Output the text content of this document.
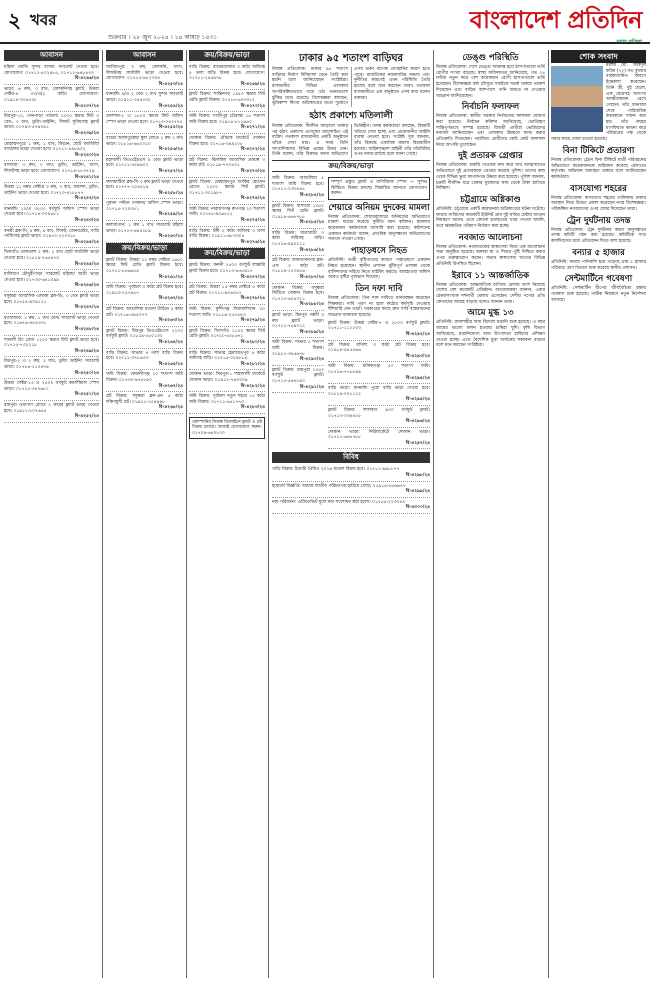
২ খবর
শুক্রবার । ২৮ জুন ২০২৪ । ১৪ আষাঢ় ১৪৩১
বাংলাদেশ প্রতিদিন
সবার পত্রিকা
আবাসন
মহিলা ম্যান্ডি সুন্দর বাসায় সাবলেট দেওয়া হবে। যোগাযোগ: ০১৭১১-৫০২৪৮৫, ০১৭১২-৬৪৮৪৩৩
বি-৪২৬৬/২৪
ভাড়া: ৬ রুম, ৩ বাথ, বেলকনিসহ ফ্ল্যাট, উত্তরা সেক্টর-৪ ৩০/এ/২ বাড়ি। যোগাযোগ: ০১৯১৪-৩০৪৫২৮
বি-৪২৩৭/২৪
মিরপুর-১০, সেনপাড়া পর্বতায় ১৩০০ স্কয়ার ফিট ৩ বেড, ৩ বাথ, ড্রয়িং-ডাইনিং, লিফট সুবিধাসহ ফ্ল্যাট ভাড়া। ০১৭৯৩-৫৭৯৩৪১
বি-৪২৩৯/২৪
মোহাম্মদপুরে ১ রুম, ১ বাথ, কিচেন, ছোট ফ্যামিলি/ ব্যাচেলর ভাড়া দেওয়া হবে। ০১৭১১-৪৪৮৯০২
বি-৪২৪০/২৪
বাসাবো: ৩ রুম, ২ বাথ, ড্রয়িং, ডাইনিং, গ্যাস, লিফটসহ ভাড়া হবে। যোগাযোগ: ০১৭১৬-১৮৩৭২৯
বি-৪২৪১/২৪
উত্তরা ১১ নম্বর সেক্টরে ৩ রুম, ৩ বাথ, বারান্দা, ড্রয়িং, ডাইনিং ভাড়া দেওয়া হবে। ০১৭২৩-৪২৮৮৭৭
বি-৪২৪২/২৪
ধানমন্ডি ১০/এ ৩৫০০ বর্গফুট অফিস স্পেস ভাড়া দেওয়া হবে। ০১৭১৪-০০৯৮৮১
বি-৪২৪৩/২৪
বনশ্রী ব্লক-সি, ৪ রুম, ৪ বাথ, লিফট, জেনারেটর, গাড়ি পার্কিংসহ ফ্ল্যাট ভাড়া। ০১৯৭২-২২৩৩১৮
বি-৪২৪৪/২৪
খিলগাঁও তালতলা ২ রুম, ২ বাথ ছোট ফ্যামিলি ভাড়া দেওয়া হবে। ০১৮১৯-২৬৫৪৭০
বি-৪২৪৫/২৪
মালিবাগ চৌধুরীপাড়া সাবলেট মহিলা/ ছাত্রী ভাড়া দেওয়া হবে। ০১৭৩৩-৬৪১০৯৯
বি-৪২৪৬/২৪
বসুন্ধরা আবাসিক এলাকা ব্লক-ডি, ৩ বেড ফ্ল্যাট ভাড়া হবে। ০১৭৫৫-৯০৯১২১
বি-৪২৪৭/২৪
মগবাজার: ১ রুম, ১ বাথ মেস/ সাবলেট ভাড়া দেওয়া হবে। ০১৬৭৬-৪৫৪৩৩১
বি-৪২৪৮/২৪
শ্যামলী রিং রোড ১২০০ স্কয়ার ফিট ফ্ল্যাট ভাড়া হবে। ০১৭১৫-৭৩২২১৮
বি-৪২৪৯/২৪
মিরপুর-২ এ ২ রুম, ২ বাথ, ড্রয়িং ডাইনিং সাবলেট ভাড়া। ০১৭৮৬-১১০৪৭৯
বি-৪২৫০/২৪
উত্তরা সেক্টর-১৩ এ ২৫০০ বর্গফুট কমার্শিয়াল স্পেস ভাড়া। ০১৭১১-৩৪৭৬৮১
বি-৪২৫১/২৪
রামপুরা ওয়াপদা রোডে ২ রুমের ফ্ল্যাট ভাড়া দেওয়া হবে। ০১৯১১-৮০৭৬৫৪
বি-৪২৫২/২৪
আবাসন
আজিমপুর: ৩ রুম, বেলকনি, গ্যাস, লিফটসহ ফ্যামিলি ভাড়া দেওয়া হবে। যোগাযোগ: ০১৭১৫-৯৮২৩৩৪
বি-৪২৫৩/২৪
ধানমন্ডি ৯/এ ২ বেড ২ বাথ সুন্দর সাবলেট ভাড়া। ০১৯১১-৩৫৪০৩২
বি-৪২৫৪/২৪
গুলশান-২ এ ১৮০০ স্কয়ার ফিট অফিস স্পেস ভাড়া দেওয়া হবে। ০১৭১৩-০৪২৭৭৫
বি-৪২৫৫/২৪
বাড্ডা আলাতুন্নেছা স্কুল রোডে ২ রুম ২ বাথ ভাড়া। ০১৮১৬-৬৬২০১০
বি-৪২৫৬/২৪
মহাখালী ডিওএইচএস ৪ বেড ফ্ল্যাট ভাড়া হবে। ০১৭১১-৫৫৯৯০২
বি-৪২৫৭/২৪
লালমাটিয়া ব্লক-সি ৩ রুম ফ্ল্যাট ভাড়া দেওয়া হবে। ০১৭৭৭-১০৪৪১৯
বি-৪২৫৮/২৪
পুরানা পল্টনে দোকান/ অফিস স্পেস ভাড়া। ০১৭১৫-২২০৩৫১
বি-৪২৫৯/২৪
কলাবাগান: ১ রুম ১ বাথ সাবলেট মহিলা ভাড়া। ০১৭২৭-৬৪৪১৮৯
বি-৪২৬০/২৪
ক্রয়/বিক্রয়/ভাড়া
ফ্ল্যাট বিক্রয়: উত্তরা ১২ নম্বর সেক্টরে ১৬৫০ স্কয়ার ফিট রেডি ফ্ল্যাট বিক্রয় হবে। ০১৭১১-৮৮৬৬৫৪
বি-৪২৬১/২৪
জমি বিক্রয়: পূর্বাচল ৩ কাঠা প্লট বিক্রয় হবে। ০১৯১৩-২২৩৪৫৭
বি-৪২৬২/২৪
প্লট বিক্রয়: আশুলিয়া মডেল টাউনে ৫ কাঠা প্লট। ০১৭১৬-৪৯৫০৭৩
বি-৪২৬৩/২৪
ফ্ল্যাট বিক্রয়: মিরপুর ডিওএইচএস ২২০০ বর্গফুট ফ্ল্যাট। ০১৮১৯-৫৫০১৩২
বি-৪২৬৪/২৪
বাড়ি বিক্রয়: সাভার ৪ তলা বাড়ি বিক্রয় হবে। ০১৭১১-০৭৮৬৩৩
বি-৪২৬৫/২৪
জমি বিক্রয়: কেরানীগঞ্জ ১০ শতাংশ জমি বিক্রয়। ০১৭৩০-৬৭৮৮৯০
বি-৪২৬৭/২৪
প্লট বিক্রয়: বসুন্ধরা ব্লক-এন ৫ কাঠা দক্ষিণমুখী প্লট। ০১৯১১-২০৪৯৪৮
বি-৪২৬৮/২৪
ক্রয়/বিক্রয়/ভাড়া
বাড়ি বিক্রয়: রায়েরবাজার ৩ কাঠা জমিসহ ৫ তলা বাড়ি বিক্রয় হবে। যোগাযোগ: ০১৭১১-২৪৫৬৭৮
বি-৪২৬৯/২৪
ফ্ল্যাট বিক্রয়: শান্তিনগর ১৪৫০ স্কয়ার ফিট রেডি ফ্ল্যাট বিক্রয়। ০১৭১৫-৬০৩৩১২
বি-৪২৭০/২৪
জমি বিক্রয়: গাজীপুর চৌরাস্তা ১৫ শতাংশ জমি বিক্রয় হবে। ০১৯১৪-৮১২৬৬০
বি-৪২৭১/২৪
দোকান বিক্রয়: মৌচাক মার্কেটে দোকান বিক্রয় হবে। ০১৭১৬-৩৪৯২০৮
বি-৪২৭২/২৪
প্লট বিক্রয়: ঝিলমিল আবাসিক প্রকল্পে ৩ কাঠা প্লট। ০১৮১৯-৭৭০৪৩১
বি-৪২৭৩/২৪
ফ্ল্যাট বিক্রয়: মোহাম্মদপুর জাকির হোসেন রোডে ১২০০ স্কয়ার ফিট ফ্ল্যাট। ০১৭১১-৩০১৯৮৭
বি-৪২৭৪/২৪
জমি বিক্রয়: নারায়ণগঞ্জ রূপগঞ্জ ২০ শতাংশ জমি। ০১৭৪৫-৯০৬৫১২
বি-৪২৭৫/২৪
বাড়ি বিক্রয়: টঙ্গী ২ কাঠা জমিসহ ৩ তলা বাড়ি বিক্রয়। ০১৯১১-৬৮৩৩০৪
বি-৪২৭৬/২৪
ক্রয়/বিক্রয়/ভাড়া
ফ্ল্যাট বিক্রয়: বনানী ২৫০০ বর্গফুট লাক্সারি ফ্ল্যাট বিক্রয় হবে। ০১৭১৩-৪৫৫৬১৭
বি-৪২৭৭/২৪
প্লট বিক্রয়: উত্তরা ১৫ নম্বর সেক্টরে ৫ কাঠা প্লট বিক্রয়। ০১৭১১-৯৩৪৫৮২
বি-৪২৭৮/২৪
জমি বিক্রয়: মুন্সীগঞ্জ সিরাজদিখান ৩০ শতাংশ জমি। ০১৮১৬-২৫৭৪৪৩
বি-৪২৭৯/২৪
ফ্ল্যাট বিক্রয়: খিলগাঁও ১১০০ স্কয়ার ফিট রেডি ফ্ল্যাট। ০১৭২০-৫৫৮৬৭১
বি-৪২৮০/২৪
বাড়ি বিক্রয়: সাভার হেমায়েতপুর ৪ কাঠা জমিসহ বাড়ি। ০১৭১৫-০২৯৮৮৪
বি-৪২৮১/২৪
দোকান ভাড়া: মিরপুর-১ শাহআলী মার্কেটে দোকান ভাড়া। ০১৯১২-৭৪৩৩০৯
বি-৪২৮২/২৪
জমি বিক্রয়: পূর্বাচল নতুন শহরে ১০ কাঠা জমি বিক্রয়। ০১৭১১-৬৫১৭৭৩
বি-৪২৮৩/২৪
কোম্পানির নিজস্ব ডিজাইনে ফ্ল্যাট ও প্লট বিক্রয় চলছে। আজই যোগাযোগ করুন: ০১৭০৯-৬৪০৮০০
ঢাকার ৯৫ শতাংশ বাড়িঘর
নিজস্ব প্রতিবেদক: ঢাকার ৯৫ শতাংশ বাড়িঘর নির্মাণ বিধিমালা মেনে তৈরি করা হয়নি বলে জানিয়েছেন সংশ্লিষ্টরা। রাজধানীর বিভিন্ন এলাকায় অপরিকল্পিতভাবে গড়ে ওঠা ভবনগুলো ঝুঁকির মধ্যে রয়েছে। বিশেষজ্ঞরা বলছেন, ভূমিকম্প কিংবা অগ্নিকাণ্ডের মতো দুর্যোগে এসব ভবন ব্যাপক প্রাণহানির কারণ হতে পারে। রাজউকের নজরদারির অভাব এবং দুর্নীতির কারণেই এমন পরিস্থিতি তৈরি হয়েছে বলে মনে করছেন তারা। গতকাল রাজধানীতে এক অনুষ্ঠানে এসব কথা বলেন বক্তারা।
হঠাৎ প্রকাশ্যে মতিলালী
নিজস্ব প্রতিবেদক: দীর্ঘদিন আড়ালে থাকার পর হঠাৎ প্রকাশ্যে এসেছেন আলোচিত এই ব্যক্তি। গতকাল রাজধানীর একটি অনুষ্ঠানে তাঁকে দেখা যায়। এ সময় তিনি সাংবাদিকদের বিভিন্ন প্রশ্নের উত্তর দেন। তিনি বলেন, তাঁর বিরুদ্ধে আনা অভিযোগ ভিত্তিহীন। তদন্ত কর্মকর্তারা বলছেন, বিষয়টি খতিয়ে দেখা হচ্ছে এবং প্রয়োজনীয় আইনি ব্যবস্থা নেওয়া হবে। সংশ্লিষ্ট সূত্র জানায়, তাঁর বিরুদ্ধে একাধিক মামলা বিচারাধীন রয়েছে। আইনশৃঙ্খলা বাহিনী তাঁর গতিবিধির ওপর নজর রাখছে বলে জানা গেছে।
ক্রয়/বিক্রয়/ভাড়া
জমি বিক্রয়: আশুলিয়া ৫ শতাংশ জমি বিক্রয় হবে। ০১৭১১-২৩৩৪৪৫
বি-৪২৮৪/২৪
ফ্ল্যাট বিক্রয়: বাসাবো ১০৫০ স্কয়ার ফিট রেডি ফ্ল্যাট। ০১৯১৪-৬৬৭৭৮৮
বি-৪২৮৫/২৪
বাড়ি বিক্রয়: যাত্রাবাড়ী ৩ কাঠা জমিসহ বাড়ি। ০১৭১৬-৯৯০০১১
বি-৪২৮৬/২৪
প্লট বিক্রয়: আফতাবনগর ব্লক-এফ ৩ কাঠা প্লট। ০১৮১৯-১২৩৪৫৬
বি-৪২৮৭/২৪
দোকান বিক্রয়: বসুন্ধরা সিটিতে দোকান বিক্রয় হবে। ০১৭১৩-৬৫৪৩২১
বি-৪২৮৮/২৪
ফ্ল্যাট ভাড়া: মিরপুর পল্লবী ৩ রুম ফ্ল্যাট ভাড়া। ০১৭১১-৭৮৯০১২
বি-৪২৮৯/২৪
জমি বিক্রয়: সাভার ৮ শতাংশ জমি বিক্রয়। ০১৯১১-৩৪৫৬৭৮
বি-৪২৯০/২৪
ফ্ল্যাট বিক্রয়: রামপুরা ১২৫০ বর্গফুট ফ্ল্যাট। ০১৭১৫-৫৬৭৮৯০
বি-৪২৯১/২৪
সম্পূর্ণ প্রস্তুত ফ্ল্যাট ও বাণিজ্যিক স্পেস — সুলভ কিস্তিতে বিক্রয় চলছে। বিস্তারিত জানতে যোগাযোগ করুন।
শেয়ারে অনিয়ম দুদকের মামলা
নিজস্ব প্রতিবেদক: শেয়ারবাজারে অনিয়মের অভিযোগে মামলা দায়ের করেছে দুর্নীতি দমন কমিশন। মামলায় কয়েকজন কর্মকর্তাকে আসামি করা হয়েছে। কমিশনের একজন কর্মকর্তা বলেন, প্রাথমিক অনুসন্ধানে অভিযোগের সত্যতা পাওয়া গেছে।
পাহাড়ধসে নিহত
প্রতিনিধি: ভারী বৃষ্টিপাতের কারণে পাহাড়ধসে একজন নিহত হয়েছেন। স্থানীয় প্রশাসন ঝুঁকিপূর্ণ এলাকা থেকে বাসিন্দাদের সরিয়ে নিতে মাইকিং করছে। আবহাওয়া অফিস আরও বৃষ্টির পূর্বাভাস দিয়েছে।
তিন দফা দাবি
নিজস্ব প্রতিবেদক: তিন দফা দাবিতে মানববন্ধন করেছেন শিক্ষকরা। দাবি পূরণ না হলে কঠোর কর্মসূচি দেওয়ার হুঁশিয়ারি দেন তারা। সরকারের কাছে দ্রুত দাবি বাস্তবায়নের আহ্বান জানানো হয়েছে।
ফ্ল্যাট বিক্রয়: উত্তরা সেক্টর-৭ এ ১৮০০ বর্গফুট ফ্ল্যাট। ০১৭১১-১১২২৩৩
বি-৪২৯২/২৪
প্লট বিক্রয়: বসিলা ৩ কাঠা প্লট বিক্রয় হবে। ০১৯১৪-৪৪৫৫৬৬
বি-৪২৯৩/২৪
জমি বিক্রয়: মানিকগঞ্জ ৫০ শতাংশ জমি। ০১৭১৬-৭৭৮৮৯৯
বি-৪২৯৪/২৪
বাড়ি ভাড়া: ধানমন্ডি পুরো বাড়ি ভাড়া দেওয়া হবে। ০১৮১৯-০০১১২২
বি-৪২৯৫/২৪
ফ্ল্যাট বিক্রয়: লালবাগ ৯০০ বর্গফুট ফ্ল্যাট। ০১৭১৩-৩৩৪৪৫৫
বি-৪২৯৬/২৪
দোকান ভাড়া: নিউমার্কেটে দোকান ভাড়া। ০১৭১১-৬৬৭৭৮৮
বি-৪২৯৭/২৪
বিবিধ
গাড়ি বিক্রয়: টয়োটা প্রিমিও ২০১৬ মডেল বিক্রয় হবে। ০১৭১১-৯৯৮৮৭৭
বি-৪২৯৮/২৪
হারানো বিজ্ঞপ্তি: আমার জাতীয় পরিচয়পত্র হারিয়ে গেছে। ০১৯১৪-৫৫৬৬৭৭
বি-৪২৯৯/২৪
নাম পরিবর্তন: এফিডেভিট মূলে নাম সংশোধন করা হলো। ০১৭১৬-২২৩৩৪৪
বি-৪৩০০/২৪
ডেঙ্গু পরিস্থিতি
নিজস্ব প্রতিবেদক: দেশে ডেঙ্গু আক্রান্ত হয়ে হাসপাতালে ভর্তি রোগীর সংখ্যা বাড়ছে। স্বাস্থ্য অধিদফতর জানিয়েছে, গত ২৪ ঘণ্টায় নতুন করে বেশ কয়েকজন রোগী হাসপাতালে ভর্তি হয়েছেন। বিশেষজ্ঞরা বর্ষা মৌসুমে সবাইকে সতর্ক থাকার পরামর্শ দিয়েছেন এবং বাড়ির আশপাশে পানি জমতে না দেওয়ার আহ্বান জানিয়েছেন।
নির্বাচনি ফলাফল
নিজস্ব প্রতিবেদক: স্থানীয় সরকার নির্বাচনের ফলাফল ঘোষণা করা হয়েছে। নির্বাচন কমিশন জানিয়েছে, ভোটগ্রহণ শান্তিপূর্ণভাবে সম্পন্ন হয়েছে। বিজয়ী প্রার্থীরা ভোটারদের ধন্যবাদ জানিয়েছেন এবং এলাকার উন্নয়নে কাজ করার প্রতিশ্রুতি দিয়েছেন। পরাজিত প্রার্থীদের কেউ কেউ ফলাফল নিয়ে আপত্তি তুলেছেন।
দুই প্রতারক গ্রেপ্তার
নিজস্ব প্রতিবেদক: চাকরি দেওয়ার নাম করে অর্থ আত্মসাতের অভিযোগে দুই প্রতারককে গ্রেপ্তার করেছে পুলিশ। তাদের কাছ থেকে বিভিন্ন ভুয়া কাগজপত্র উদ্ধার করা হয়েছে। পুলিশ জানায়, চক্রটি দীর্ঘদিন ধরে বেকার যুবকদের কাছ থেকে টাকা হাতিয়ে নিচ্ছিল।
চট্টগ্রামে অগ্নিকাণ্ড
প্রতিনিধি: চট্টগ্রামে একটি কারখানায় অগ্নিকাণ্ডের ঘটনা ঘটেছে। ফায়ার সার্ভিসের কয়েকটি ইউনিট প্রায় দুই ঘণ্টার চেষ্টায় আগুন নিয়ন্ত্রণে আনে। এতে কোনো হতাহতের খবর পাওয়া যায়নি, তবে ক্ষয়ক্ষতির পরিমাণ নির্ধারণ করা হচ্ছে।
নবজাত আলোচনা
নিজস্ব প্রতিবেদক: নবজাতকের স্বাস্থ্যসেবা নিয়ে এক আলোচনা সভা অনুষ্ঠিত হয়েছে। বক্তারা মা ও শিশুর পুষ্টি নিশ্চিত করার ওপর গুরুত্বারোপ করেন। সভায় স্বাস্থ্যসেবা খাতের বিভিন্ন প্রতিনিধি উপস্থিত ছিলেন।
ইরাবে ১১ আন্তর্জাতিক
নিজস্ব প্রতিবেদক: আন্তর্জাতিক বাণিজ্য মেলায় অংশ নিয়েছে দেশের বেশ কয়েকটি প্রতিষ্ঠান। আয়োজকরা জানান, এবার রেকর্ডসংখ্যক দর্শনার্থী মেলায় এসেছেন। দেশীয় পণ্যের প্রতি ক্রেতাদের আগ্রহ বাড়ছে বলেও জানান তারা।
আমে মুগ্ধ ১৩
প্রতিনিধি: রাজশাহীর আম বিদেশে রপ্তানি শুরু হয়েছে। এ বছর আমের ভালো ফলন হওয়ায় চাষিরা খুশি। কৃষি বিভাগ জানিয়েছে, রপ্তানিযোগ্য আম উৎপাদনে চাষিদের প্রশিক্ষণ দেওয়া হচ্ছে। এতে বৈদেশিক মুদ্রা অর্জনের সম্ভাবনা বাড়বে বলে মনে করছেন সংশ্লিষ্টরা।
শোক সংবাদ
মরহুম মো. আবদুল করিম (৭২) গত বুধবার বার্ধক্যজনিত কারণে ইন্তেকাল করেছেন। তিনি স্ত্রী, দুই ছেলে, এক মেয়েসহ অসংখ্য আত্মীয়স্বজন রেখে গেছেন। তাঁর জানাজা শেষে পারিবারিক কবরস্থানে দাফন করা হয়। তাঁর রুহের মাগফিরাত কামনা করে পরিবারের পক্ষ থেকে সবার কাছে দোয়া চাওয়া হয়েছে।
বিনা টিকিটে প্রতারণা
নিজস্ব প্রতিবেদক: ট্রেনে বিনা টিকিটে যাত্রী পরিবহনের অভিযোগে কয়েকজনকে জরিমানা করেছে রেলওয়ে কর্তৃপক্ষ। অভিযান অব্যাহত থাকবে বলে জানিয়েছেন কর্মকর্তারা।
বাসযোগ্য শহরের
নিজস্ব প্রতিবেদক: বাসযোগ্য শহরের তালিকায় ঢাকার অবস্থান নিয়ে উদ্বেগ প্রকাশ করেছেন নগর বিশেষজ্ঞরা। পরিকল্পিত নগরায়ণের ওপর জোর দিয়েছেন তারা।
ট্রেন দুর্ঘটনায় তদন্ত
নিজস্ব প্রতিবেদক: ট্রেন দুর্ঘটনার কারণ অনুসন্ধানে তদন্ত কমিটি গঠন করা হয়েছে। কমিটিকে সাত কার্যদিবসের মধ্যে প্রতিবেদন দিতে বলা হয়েছে।
বন্যার ৫ হাজার
প্রতিনিধি: বন্যায় পানিবন্দি হয়ে পড়েছে প্রায় ৫ হাজার পরিবার। ত্রাণ বিতরণ শুরু করেছে স্থানীয় প্রশাসন।
সেন্টমার্টিনে গবেষণা
প্রতিনিধি: সেন্টমার্টিন দ্বীপের জীববৈচিত্র্য রক্ষায় গবেষণা শুরু হয়েছে। পর্যটক নিয়ন্ত্রণে নতুন নির্দেশনা আসছে।
